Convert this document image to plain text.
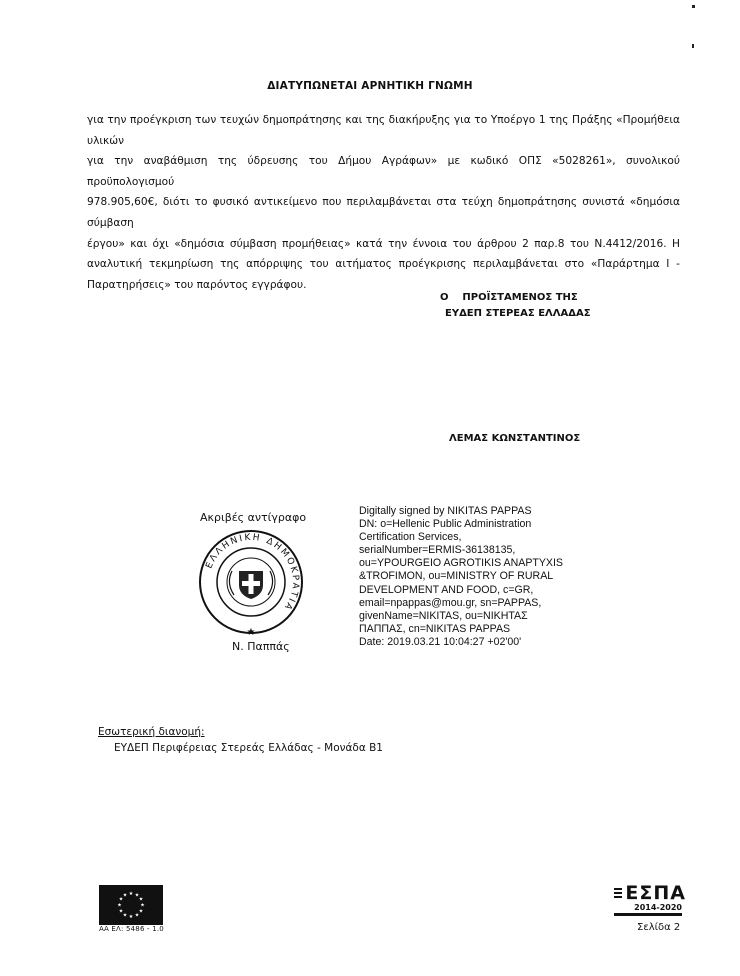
ΔΙΑΤΥΠΩΝΕΤΑΙ ΑΡΝΗΤΙΚΗ ΓΝΩΜΗ
για την προέγκριση των τευχών δημοπράτησης και της διακήρυξης για το Υποέργο 1 της Πράξης «Προμήθεια υλικών
για την αναβάθμιση της ύδρευσης του Δήμου Αγράφων» με κωδικό ΟΠΣ «5028261», συνολικού προϋπολογισμού
978.905,60€, διότι το φυσικό αντικείμενο που περιλαμβάνεται στα τεύχη δημοπράτησης συνιστά «δημόσια σύμβαση
έργου» και όχι «δημόσια σύμβαση προμήθειας» κατά την έννοια του άρθρου 2 παρ.8 του Ν.4412/2016. Η
αναλυτική τεκμηρίωση της απόρριψης του αιτήματος προέγκρισης περιλαμβάνεται στο «Παράρτημα Ι -
Παρατηρήσεις» του παρόντος εγγράφου.
Ο    ΠΡΟΪΣΤΑΜΕΝΟΣ ΤΗΣ
ΕΥΔΕΠ ΣΤΕΡΕΑΣ ΕΛΛΑΔΑΣ
ΛΕΜΑΣ ΚΩΝΣΤΑΝΤΙΝΟΣ
Ακριβές αντίγραφο
ΕΛΛΗΝΙΚΗ ΔΗΜΟΚΡΑΤΙΑ
★
Ν. Παππάς
Digitally signed by NIKITAS PAPPAS
DN: o=Hellenic Public Administration
Certification Services,
serialNumber=ERMIS-36138135,
ou=YPOURGEIO AGROTIKIS ANAPTYXIS
&TROFIMON, ou=MINISTRY OF RURAL
DEVELOPMENT AND FOOD, c=GR,
email=npappas@mou.gr, sn=PAPPAS,
givenName=NIKITAS, ou=ΝΙΚΗΤΑΣ
ΠΑΠΠΑΣ, cn=NIKITAS PAPPAS
Date: 2019.03.21 10:04:27 +02'00'
Εσωτερική διανομή:
ΕΥΔΕΠ Περιφέρειας Στερεάς Ελλάδας - Μονάδα Β1
★ ★
★
★
★
★
★
★
★
★
★
★
ΑΑ ΕΛ: 5486 - 1.0
ΕΣΠΑ
2014-2020
Σελίδα 2
